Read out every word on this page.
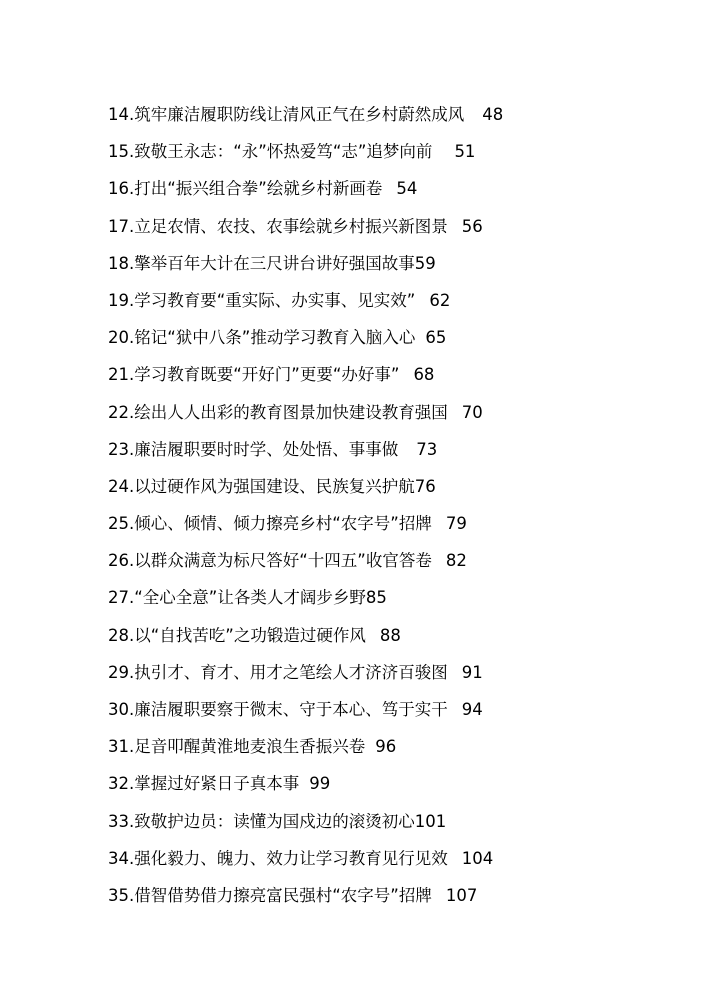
14.筑牢廉洁履职防线让清风正气在乡村蔚然成风 48
15.致敬王永志：“永”怀热爱笃“志”追梦向前 51
16.打出“振兴组合拳”绘就乡村新画卷 54
17.立足农情、农技、农事绘就乡村振兴新图景 56
18.擎举百年大计在三尺讲台讲好强国故事 59
19.学习教育要“重实际、办实事、见实效” 62
20.铭记“狱中八条”推动学习教育入脑入心 65
21.学习教育既要“开好门”更要“办好事” 68
22.绘出人人出彩的教育图景加快建设教育强国 70
23.廉洁履职要时时学、处处悟、事事做 73
24.以过硬作风为强国建设、民族复兴护航 76
25.倾心、倾情、倾力擦亮乡村“农字号”招牌 79
26.以群众满意为标尺答好“十四五”收官答卷 82
27.“全心全意”让各类人才阔步乡野 85
28.以“自找苦吃”之功锻造过硬作风 88
29.执引才、育才、用才之笔绘人才济济百骏图 91
30.廉洁履职要察于微末、守于本心、笃于实干 94
31.足音叩醒黄淮地麦浪生香振兴卷 96
32.掌握过好紧日子真本事 99
33.致敬护边员：读懂为国戍边的滚烫初心 101
34.强化毅力、魄力、效力让学习教育见行见效 104
35.借智借势借力擦亮富民强村“农字号”招牌 107
